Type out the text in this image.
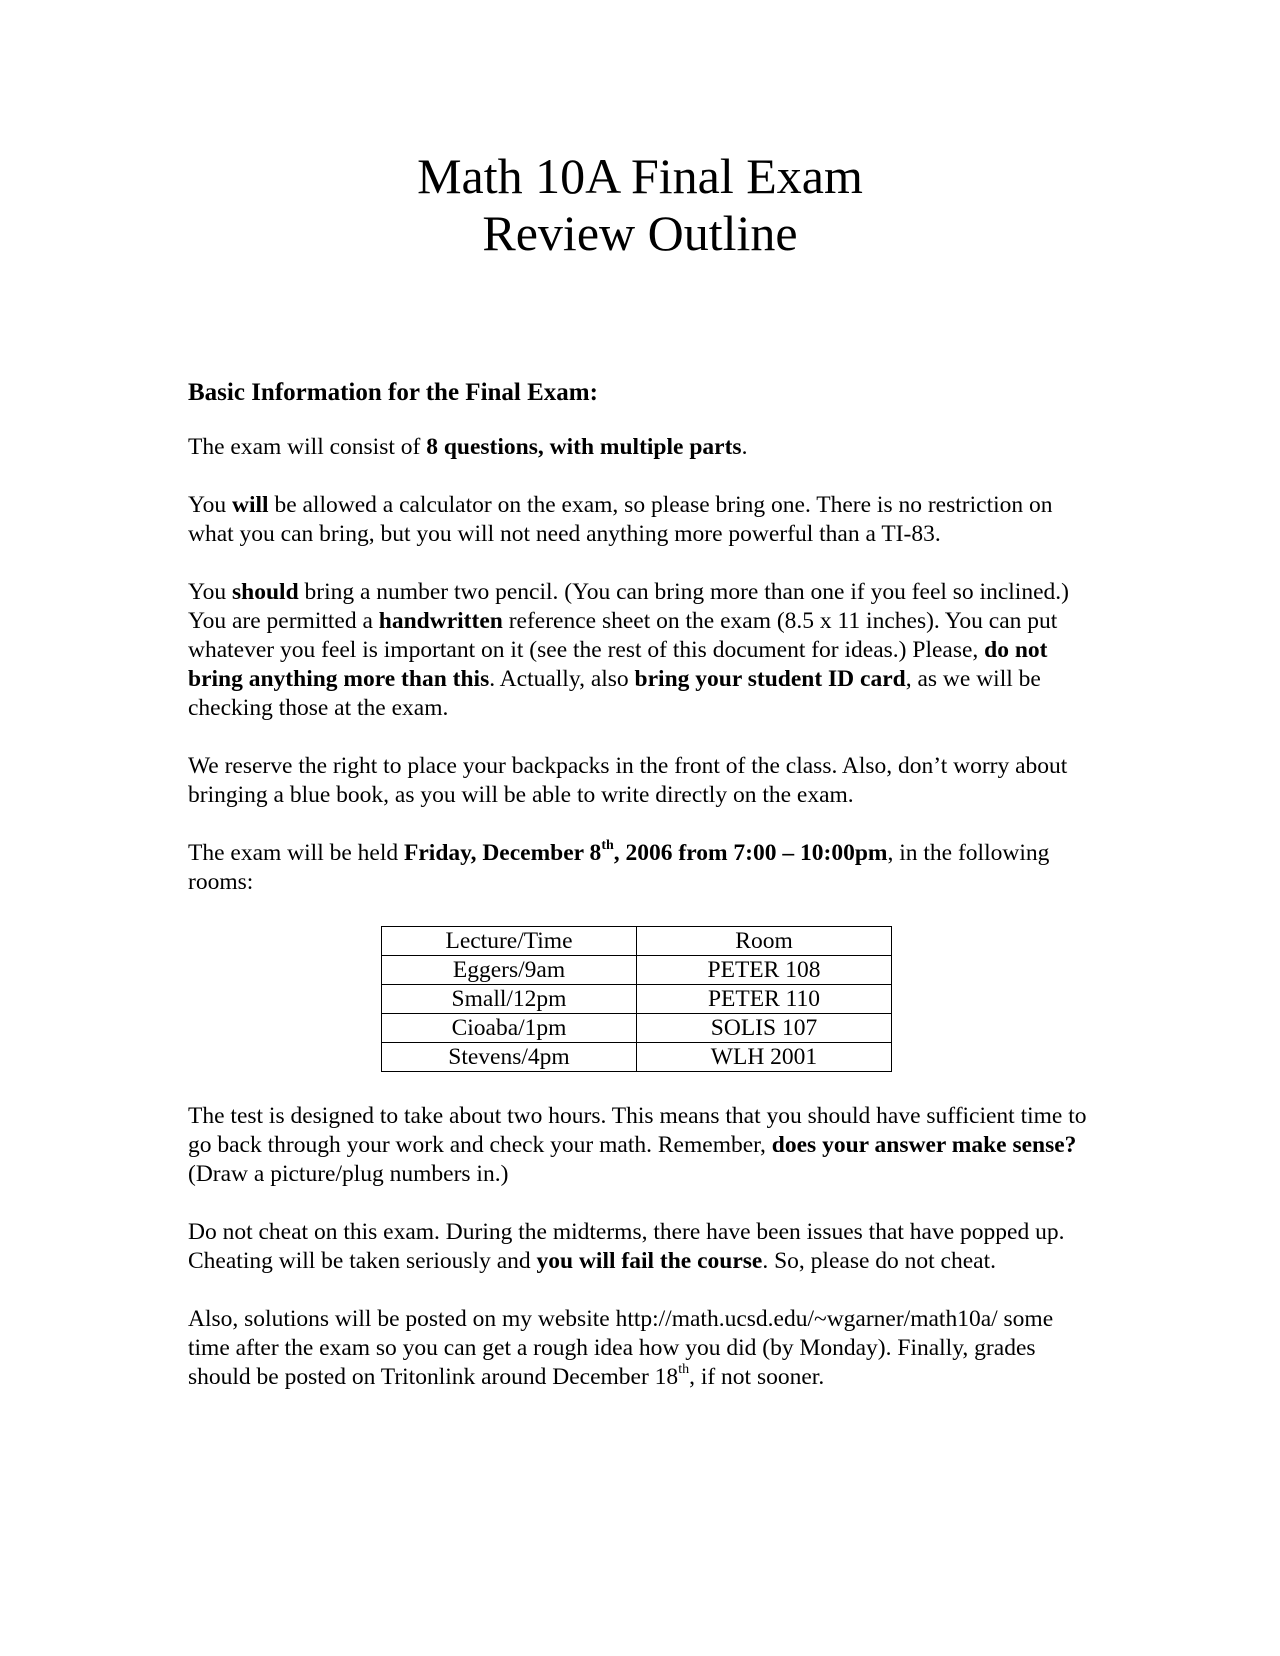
Math 10A Final Exam
Review Outline
Basic Information for the Final Exam:

The exam will consist of 8 questions, with multiple parts.

You will be allowed a calculator on the exam, so please bring one. There is no restriction on what you can bring, but you will not need anything more powerful than a TI-83.

You should bring a number two pencil. (You can bring more than one if you feel so inclined.) You are permitted a handwritten reference sheet on the exam (8.5 x 11 inches). You can put whatever you feel is important on it (see the rest of this document for ideas.) Please, do not bring anything more than this. Actually, also bring your student ID card, as we will be checking those at the exam.

We reserve the right to place your backpacks in the front of the class. Also, don’t worry about bringing a blue book, as you will be able to write directly on the exam.

The exam will be held Friday, December 8th, 2006 from 7:00 – 10:00pm, in the following rooms:

Lecture/Time	Room
Eggers/9am	PETER 108
Small/12pm	PETER 110
Cioaba/1pm	SOLIS 107
Stevens/4pm	WLH 2001

The test is designed to take about two hours. This means that you should have sufficient time to go back through your work and check your math. Remember, does your answer make sense? (Draw a picture/plug numbers in.)

Do not cheat on this exam. During the midterms, there have been issues that have popped up. Cheating will be taken seriously and you will fail the course. So, please do not cheat.

Also, solutions will be posted on my website http://math.ucsd.edu/~wgarner/math10a/ some time after the exam so you can get a rough idea how you did (by Monday). Finally, grades should be posted on Tritonlink around December 18th, if not sooner.
